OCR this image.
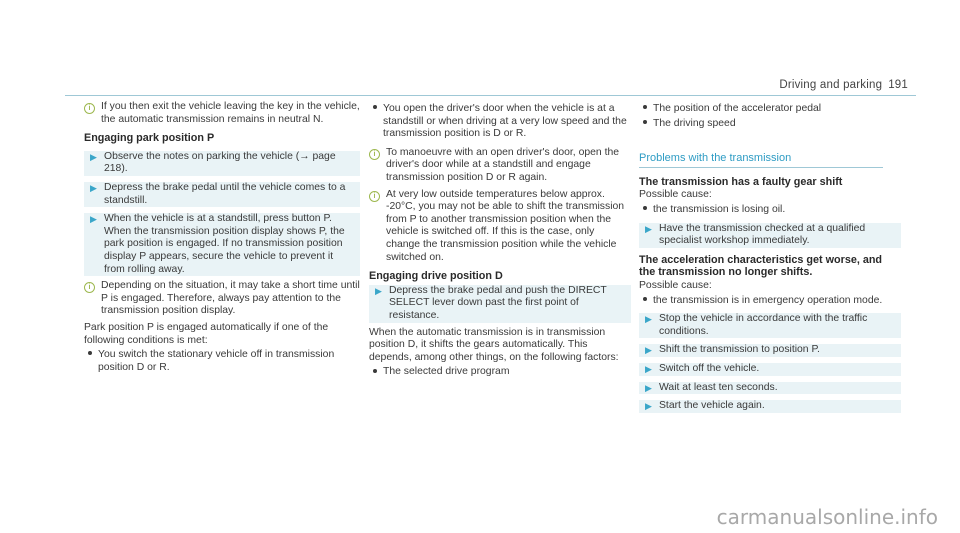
Driving and parking 191
i	If you then exit the vehicle leaving the key in the vehicle, the automatic transmission remains in neutral N.
Engaging park position P
▶ Observe the notes on parking the vehicle (→ page 218).
▶ Depress the brake pedal until the vehicle comes to a standstill.
▶ When the vehicle is at a standstill, press button P. When the transmission position display shows P, the park position is engaged. If no transmission position display P appears, secure the vehicle to prevent it from rolling away.
i	Depending on the situation, it may take a short time until P is engaged. Therefore, always pay attention to the transmission position display.
Park position P is engaged automatically if one of the following conditions is met:
You switch the stationary vehicle off in transmission position D or R.
You open the driver's door when the vehicle is at a standstill or when driving at a very low speed and the transmission position is D or R.
i	To manoeuvre with an open driver's door, open the driver's door while at a standstill and engage transmission position D or R again.
i	At very low outside temperatures below approx. -20°C, you may not be able to shift the transmission from P to another transmission position when the vehicle is switched off. If this is the case, only change the transmission position while the vehicle switched on.
Engaging drive position D
▶ Depress the brake pedal and push the DIRECT SELECT lever down past the first point of resistance.
When the automatic transmission is in transmission position D, it shifts the gears automatically. This depends, among other things, on the following factors:
The selected drive program
The position of the accelerator pedal
The driving speed
Problems with the transmission
The transmission has a faulty gear shift
Possible cause:
the transmission is losing oil.
▶ Have the transmission checked at a qualified specialist workshop immediately.
The acceleration characteristics get worse, and the transmission no longer shifts.
Possible cause:
the transmission is in emergency operation mode.
▶ Stop the vehicle in accordance with the traffic conditions.
▶ Shift the transmission to position P.
▶ Switch off the vehicle.
▶ Wait at least ten seconds.
▶ Start the vehicle again.
carmanualsonline.info
